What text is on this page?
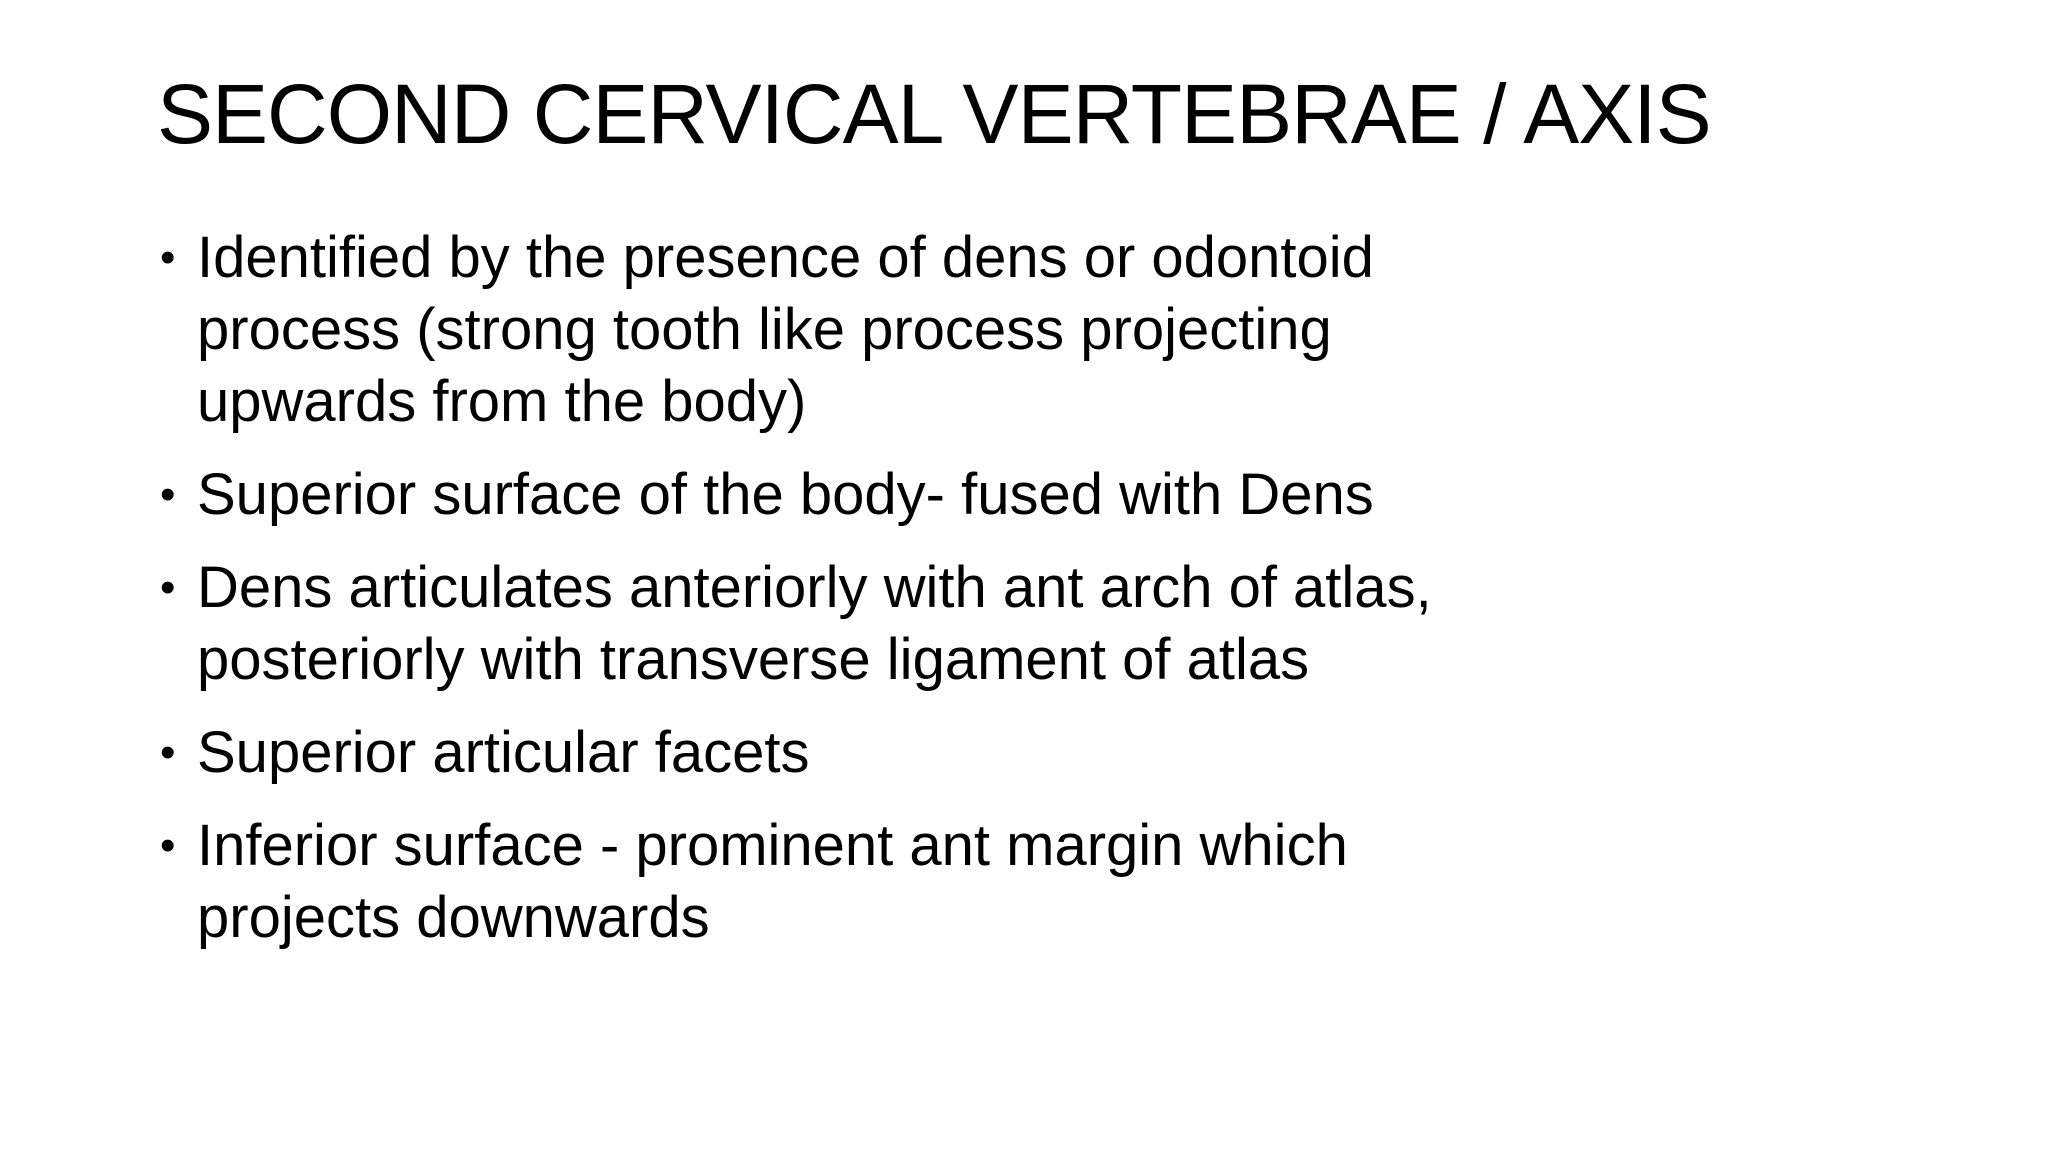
SECOND CERVICAL VERTEBRAE / AXIS
• Identified by the presence of dens or odontoid process (strong tooth like process projecting upwards from the body)
• Superior surface of the body- fused with Dens
• Dens articulates anteriorly with ant arch of atlas, posteriorly with transverse ligament of atlas
• Superior articular facets
• Inferior surface - prominent ant margin which projects downwards
